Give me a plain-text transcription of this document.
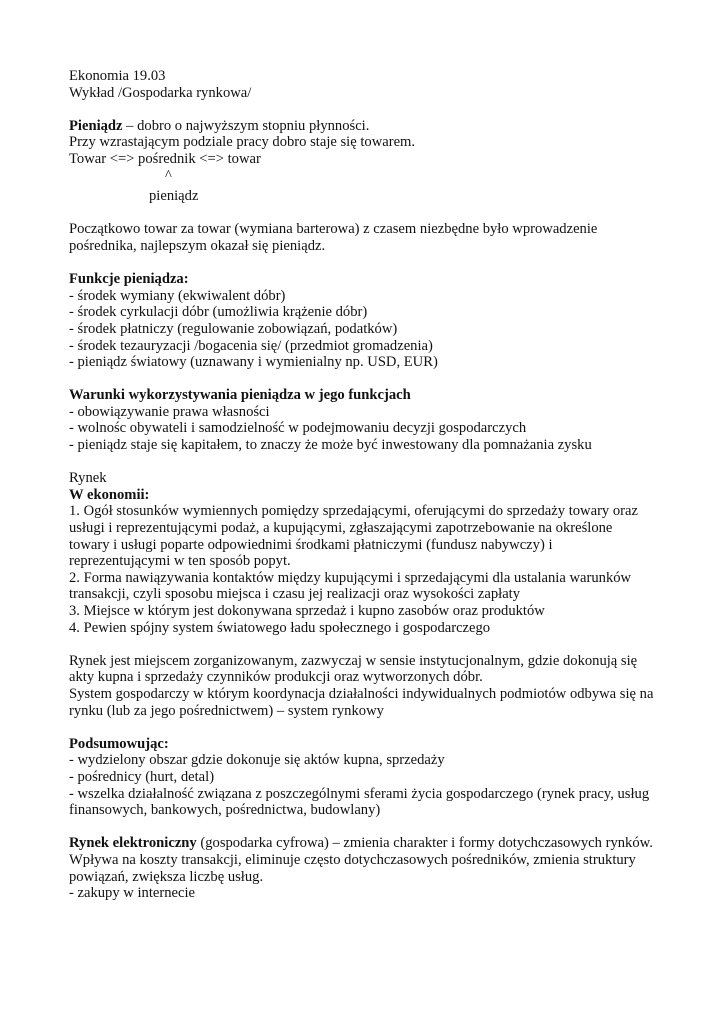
Ekonomia 19.03
Wykład /Gospodarka rynkowa/
Pieniądz – dobro o najwyższym stopniu płynności.
Przy wzrastającym podziale pracy dobro staje się towarem.
Towar <=> pośrednik <=> towar
^
pieniądz
Początkowo towar za towar (wymiana barterowa) z czasem niezbędne było wprowadzenie
pośrednika, najlepszym okazał się pieniądz.
Funkcje pieniądza:
- środek wymiany (ekwiwalent dóbr)
- środek cyrkulacji dóbr (umożliwia krążenie dóbr)
- środek płatniczy (regulowanie zobowiązań, podatków)
- środek tezauryzacji /bogacenia się/ (przedmiot gromadzenia)
- pieniądz światowy (uznawany i wymienialny np. USD, EUR)
Warunki wykorzystywania pieniądza w jego funkcjach
- obowiązywanie prawa własności
- wolnośc obywateli i samodzielność w podejmowaniu decyzji gospodarczych
- pieniądz staje się kapitałem, to znaczy że może być inwestowany dla pomnażania zysku
Rynek
W ekonomii:
1. Ogół stosunków wymiennych pomiędzy sprzedającymi, oferującymi do sprzedaży towary oraz
usługi i reprezentującymi podaż, a kupującymi, zgłaszającymi zapotrzebowanie na określone
towary i usługi poparte odpowiednimi środkami płatniczymi (fundusz nabywczy) i
reprezentującymi w ten sposób popyt.
2. Forma nawiązywania kontaktów między kupującymi i sprzedającymi dla ustalania warunków
transakcji, czyli sposobu miejsca i czasu jej realizacji oraz wysokości zapłaty
3. Miejsce w którym jest dokonywana sprzedaż i kupno zasobów oraz produktów
4. Pewien spójny system światowego ładu społecznego i gospodarczego
Rynek jest miejscem zorganizowanym, zazwyczaj w sensie instytucjonalnym, gdzie dokonują się
akty kupna i sprzedaży czynników produkcji oraz wytworzonych dóbr.
System gospodarczy w którym koordynacja działalności indywidualnych podmiotów odbywa się na
rynku (lub za jego pośrednictwem) – system rynkowy
Podsumowując:
- wydzielony obszar gdzie dokonuje się aktów kupna, sprzedaży
- pośrednicy (hurt, detal)
- wszelka działalność związana z poszczególnymi sferami życia gospodarczego (rynek pracy, usług
finansowych, bankowych, pośrednictwa, budowlany)
Rynek elektroniczny (gospodarka cyfrowa) – zmienia charakter i formy dotychczasowych rynków.
Wpływa na koszty transakcji, eliminuje często dotychczasowych pośredników, zmienia struktury
powiązań, zwiększa liczbę usług.
- zakupy w internecie
